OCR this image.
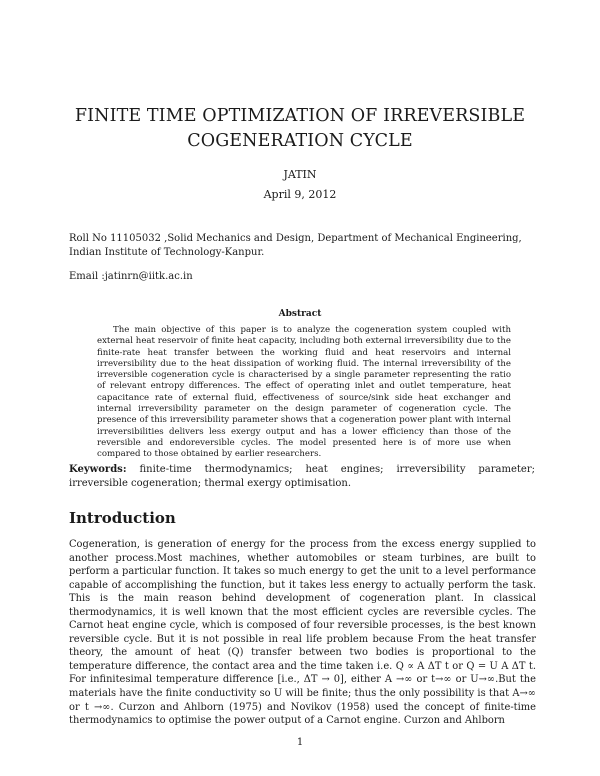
FINITE TIME OPTIMIZATION OF IRREVERSIBLE
COGENERATION CYCLE
JATIN
April 9, 2012
Roll No 11105032 ,Solid Mechanics and Design, Department of Mechanical Engineering, Indian Institute of Technology-Kanpur.
Email :jatinrn@iitk.ac.in
Abstract

The main objective of this paper is to analyze the cogeneration system coupled with external heat reservoir of finite heat capacity, including both external irreversibility due to the finite-rate heat transfer between the working fluid and heat reservoirs and internal irreversibility due to the heat dissipation of working fluid. The internal irreversibility of the irreversible cogeneration cycle is characterised by a single parameter representing the ratio of relevant entropy differences. The effect of operating inlet and outlet temperature, heat capacitance rate of external fluid, effectiveness of source/sink side heat exchanger and internal irreversibility parameter on the design parameter of cogeneration cycle. The presence of this irreversibility parameter shows that a cogeneration power plant with internal irreversibilities delivers less exergy output and has a lower efficiency than those of the reversible and endoreversible cycles. The model presented here is of more use when compared to those obtained by earlier researchers.

Keywords: finite-time thermodynamics; heat engines; irreversibility parameter; irreversible cogeneration; thermal exergy optimisation.

Introduction

Cogeneration, is generation of energy for the process from the excess energy supplied to another process.Most machines, whether automobiles or steam turbines, are built to perform a particular function. It takes so much energy to get the unit to a level performance capable of accomplishing the function, but it takes less energy to actually perform the task. This is the main reason behind development of cogeneration plant. In classical thermodynamics, it is well known that the most efficient cycles are reversible cycles. The Carnot heat engine cycle, which is composed of four reversible processes, is the best known reversible cycle. But it is not possible in real life problem because From the heat transfer theory, the amount of heat (Q) transfer between two bodies is proportional to the temperature difference, the contact area and the time taken i.e. Q ∝ A ΔT t or Q = U A ΔT t. For infinitesimal temperature difference [i.e., ΔT → 0], either A →∞ or t→∞ or U→∞.But the materials have the finite conductivity so U will be finite; thus the only possibility is that A→∞ or t →∞. Curzon and Ahlborn (1975) and Novikov (1958) used the concept of finite-time thermodynamics to optimise the power output of a Carnot engine. Curzon and Ahlborn

1
